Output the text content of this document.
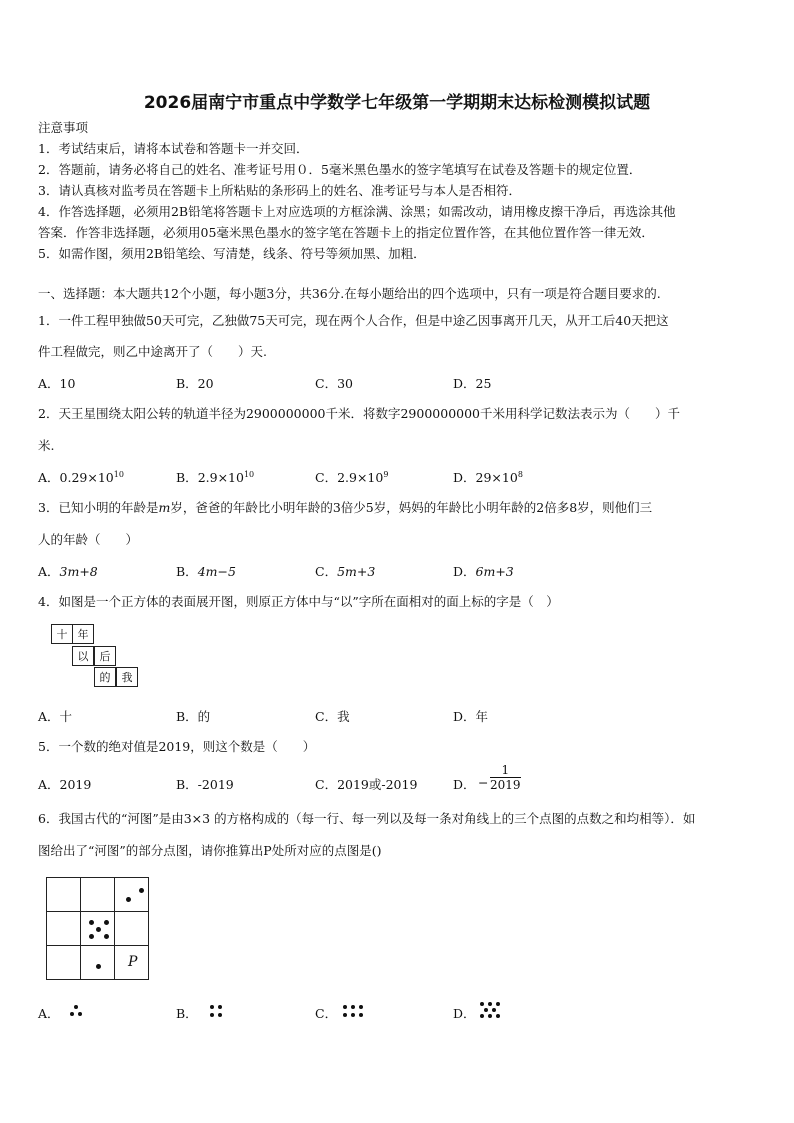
2026届南宁市重点中学数学七年级第一学期期末达标检测模拟试题
注意事项
1．考试结束后，请将本试卷和答题卡一并交回．
2．答题前，请务必将自己的姓名、准考证号用０．5毫米黑色墨水的签字笔填写在试卷及答题卡的规定位置．
3．请认真核对监考员在答题卡上所粘贴的条形码上的姓名、准考证号与本人是否相符．
4．作答选择题，必须用2B铅笔将答题卡上对应选项的方框涂满、涂黑；如需改动，请用橡皮擦干净后，再选涂其他
答案．作答非选择题，必须用05毫米黑色墨水的签字笔在答题卡上的指定位置作答，在其他位置作答一律无效．
5．如需作图，须用2B铅笔绘、写清楚，线条、符号等须加黑、加粗．
一、选择题：本大题共12个小题，每小题3分，共36分.在每小题给出的四个选项中，只有一项是符合题目要求的.
1．一件工程甲独做50天可完，乙独做75天可完，现在两个人合作，但是中途乙因事离开几天，从开工后40天把这
件工程做完，则乙中途离开了（　　）天.
A．10	B．20	C．30	D．25
2．天王星围绕太阳公转的轨道半径为2900000000千米．将数字2900000000千米用科学记数法表示为（　　）千
米.
A．$0.29\times 10^{10}$	B．$2.9\times 10^{10}$	C．$2.9\times 10^9$	D．$29\times 10^8$
3．已知小明的年龄是m岁，爸爸的年龄比小明年龄的3倍少5岁，妈妈的年龄比小明年龄的2倍多8岁，则他们三
人的年龄（　　）
A．3m+8	B．4m−5	C．5m+3	D．6m+3
4．如图是一个正方体的表面展开图，则原正方体中与“以”字所在面相对的面上标的字是（　）
十 年
以	后
的	我
A．十	B．的	C．我	D．年
5．一个数的绝对值是2019，则这个数是（　　）
A．2019	B．-2019	C．2019或-2019	D． − $\frac{1}{2019}$
6．我国古代的“河图”是由3×3 的方格构成的（每一行、每一列以及每一条对角线上的三个点图的点数之和均相等）．如
图给出了“河图”的部分点图，请你推算出P处所对应的点图是()
P
A．	B．	C．	D．
